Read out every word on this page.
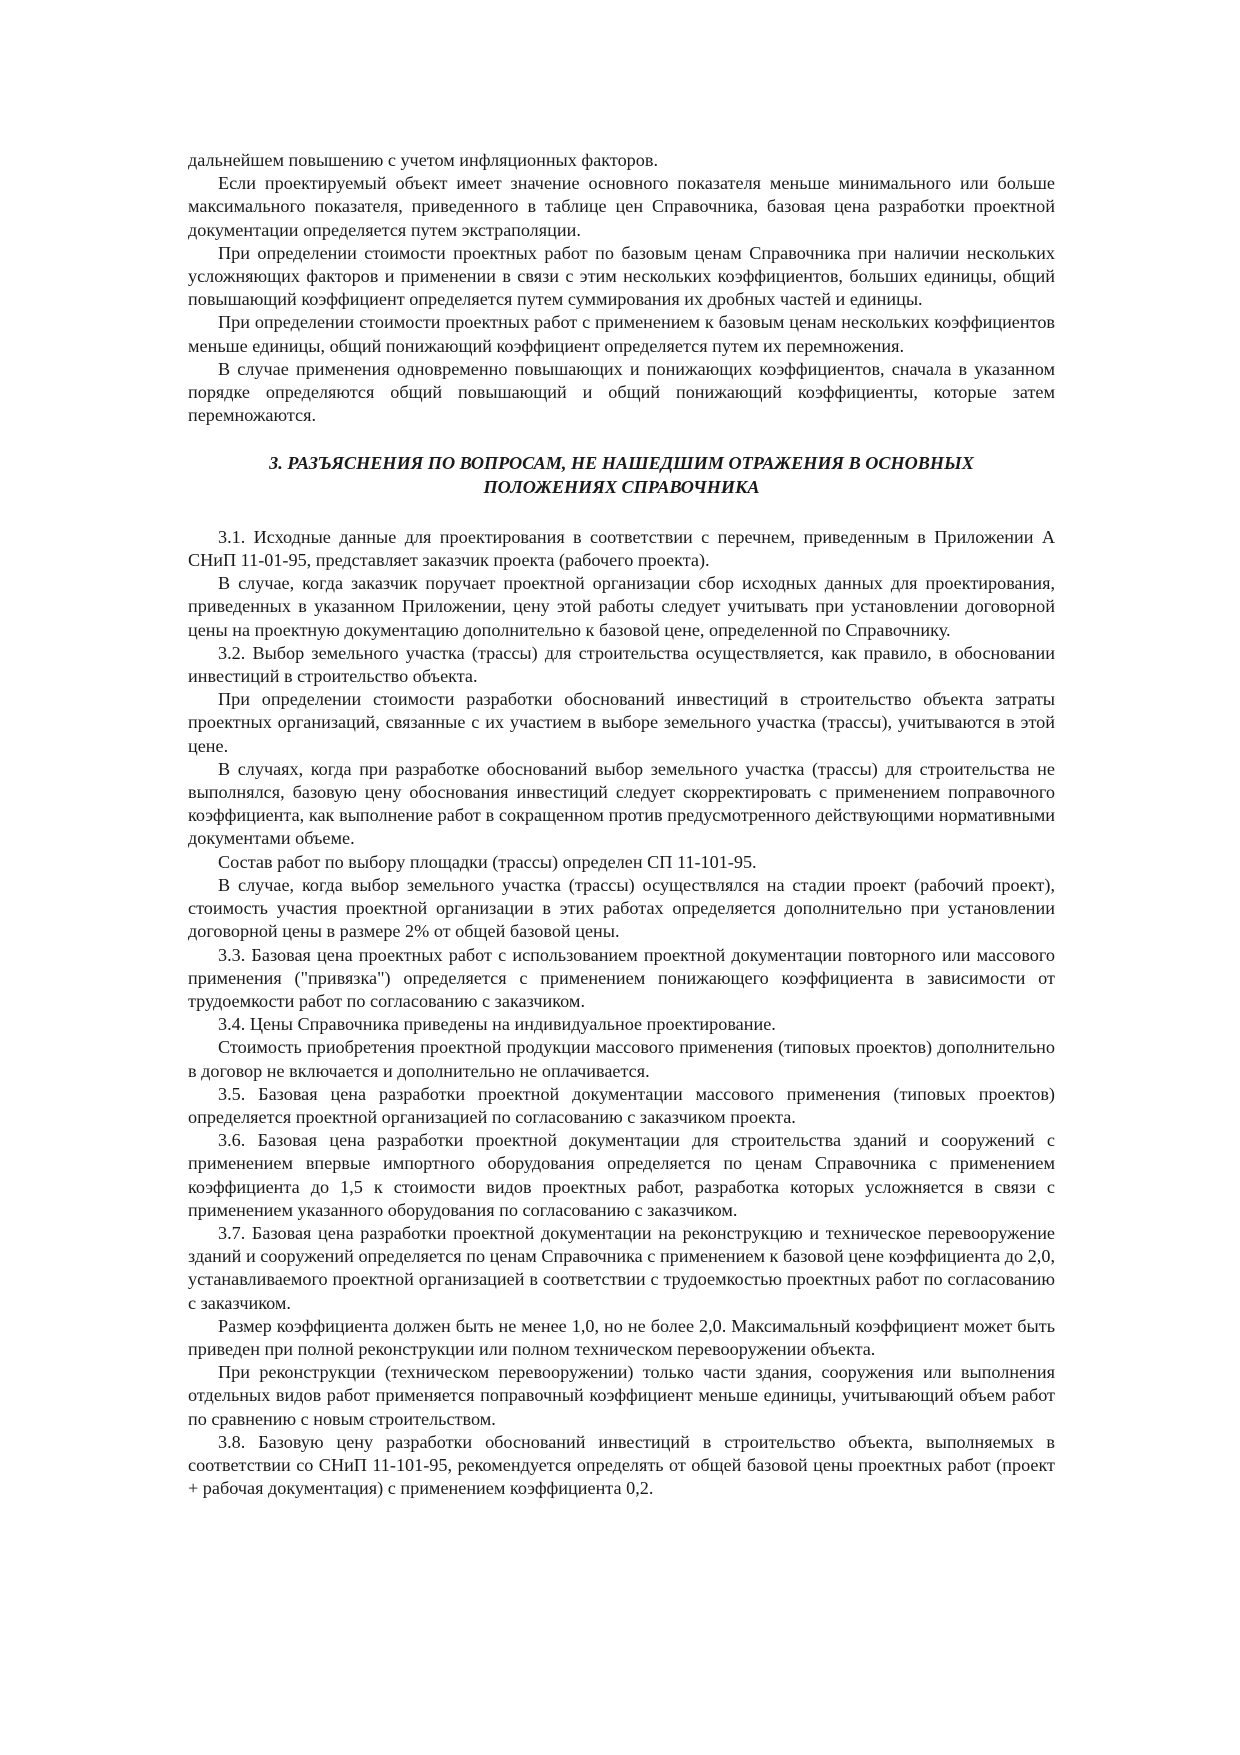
дальнейшем повышению с учетом инфляционных факторов.

Если проектируемый объект имеет значение основного показателя меньше минимального или больше максимального показателя, приведенного в таблице цен Справочника, базовая цена разработки проектной документации определяется путем экстраполяции.

При определении стоимости проектных работ по базовым ценам Справочника при наличии нескольких усложняющих факторов и применении в связи с этим нескольких коэффициентов, больших единицы, общий повышающий коэффициент определяется путем суммирования их дробных частей и единицы.

При определении стоимости проектных работ с применением к базовым ценам нескольких коэффициентов меньше единицы, общий понижающий коэффициент определяется путем их перемножения.

В случае применения одновременно повышающих и понижающих коэффициентов, сначала в указанном порядке определяются общий повышающий и общий понижающий коэффициенты, которые затем перемножаются.

3. РАЗЪЯСНЕНИЯ ПО ВОПРОСАМ, НЕ НАШЕДШИМ ОТРАЖЕНИЯ В ОСНОВНЫХ ПОЛОЖЕНИЯХ СПРАВОЧНИКА

3.1. Исходные данные для проектирования в соответствии с перечнем, приведенным в Приложении А СНиП 11-01-95, представляет заказчик проекта (рабочего проекта).

В случае, когда заказчик поручает проектной организации сбор исходных данных для проектирования, приведенных в указанном Приложении, цену этой работы следует учитывать при установлении договорной цены на проектную документацию дополнительно к базовой цене, определенной по Справочнику.

3.2. Выбор земельного участка (трассы) для строительства осуществляется, как правило, в обосновании инвестиций в строительство объекта.

При определении стоимости разработки обоснований инвестиций в строительство объекта затраты проектных организаций, связанные с их участием в выборе земельного участка (трассы), учитываются в этой цене.

В случаях, когда при разработке обоснований выбор земельного участка (трассы) для строительства не выполнялся, базовую цену обоснования инвестиций следует скорректировать с применением поправочного коэффициента, как выполнение работ в сокращенном против предусмотренного действующими нормативными документами объеме.

Состав работ по выбору площадки (трассы) определен СП 11-101-95.

В случае, когда выбор земельного участка (трассы) осуществлялся на стадии проект (рабочий проект), стоимость участия проектной организации в этих работах определяется дополнительно при установлении договорной цены в размере 2% от общей базовой цены.

3.3. Базовая цена проектных работ с использованием проектной документации повторного или массового применения ("привязка") определяется с применением понижающего коэффициента в зависимости от трудоемкости работ по согласованию с заказчиком.

3.4. Цены Справочника приведены на индивидуальное проектирование.

Стоимость приобретения проектной продукции массового применения (типовых проектов) дополнительно в договор не включается и дополнительно не оплачивается.

3.5. Базовая цена разработки проектной документации массового применения (типовых проектов) определяется проектной организацией по согласованию с заказчиком проекта.

3.6. Базовая цена разработки проектной документации для строительства зданий и сооружений с применением впервые импортного оборудования определяется по ценам Справочника с применением коэффициента до 1,5 к стоимости видов проектных работ, разработка которых усложняется в связи с применением указанного оборудования по согласованию с заказчиком.

3.7. Базовая цена разработки проектной документации на реконструкцию и техническое перевооружение зданий и сооружений определяется по ценам Справочника с применением к базовой цене коэффициента до 2,0, устанавливаемого проектной организацией в соответствии с трудоемкостью проектных работ по согласованию с заказчиком.

Размер коэффициента должен быть не менее 1,0, но не более 2,0. Максимальный коэффициент может быть приведен при полной реконструкции или полном техническом перевооружении объекта.

При реконструкции (техническом перевооружении) только части здания, сооружения или выполнения отдельных видов работ применяется поправочный коэффициент меньше единицы, учитывающий объем работ по сравнению с новым строительством.

3.8. Базовую цену разработки обоснований инвестиций в строительство объекта, выполняемых в соответствии со СНиП 11-101-95, рекомендуется определять от общей базовой цены проектных работ (проект + рабочая документация) с применением коэффициента 0,2.
